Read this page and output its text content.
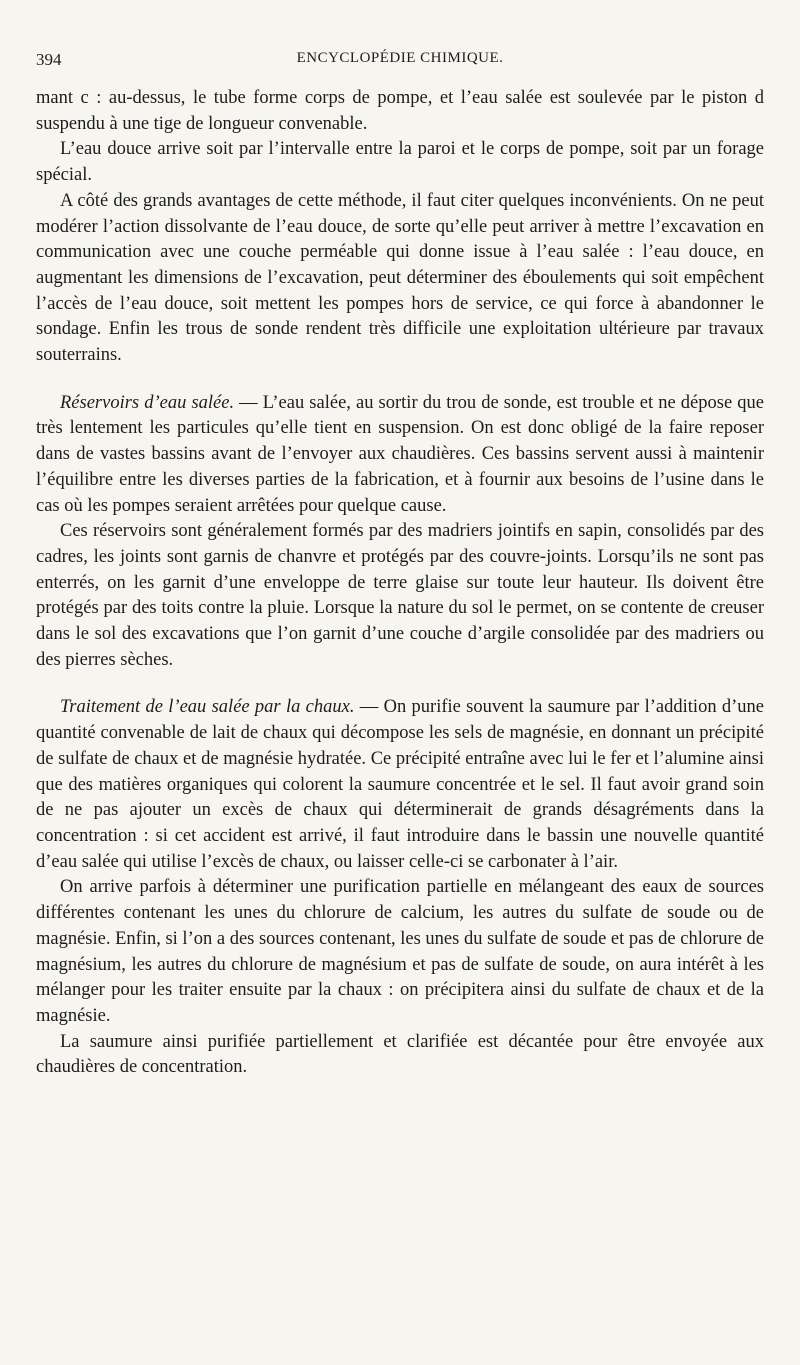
394	ENCYCLOPÉDIE CHIMIQUE.

mant c : au-dessus, le tube forme corps de pompe, et l’eau salée est soulevée par le piston d suspendu à une tige de longueur convenable.

L’eau douce arrive soit par l’intervalle entre la paroi et le corps de pompe, soit par un forage spécial.

A côté des grands avantages de cette méthode, il faut citer quelques inconvénients. On ne peut modérer l’action dissolvante de l’eau douce, de sorte qu’elle peut arriver à mettre l’excavation en communication avec une couche perméable qui donne issue à l’eau salée : l’eau douce, en augmentant les dimensions de l’excavation, peut déterminer des éboulements qui soit empêchent l’accès de l’eau douce, soit mettent les pompes hors de service, ce qui force à abandonner le sondage. Enfin les trous de sonde rendent très difficile une exploitation ultérieure par travaux souterrains.

Réservoirs d’eau salée. — L’eau salée, au sortir du trou de sonde, est trouble et ne dépose que très lentement les particules qu’elle tient en suspension. On est donc obligé de la faire reposer dans de vastes bassins avant de l’envoyer aux chaudières. Ces bassins servent aussi à maintenir l’équilibre entre les diverses parties de la fabrication, et à fournir aux besoins de l’usine dans le cas où les pompes seraient arrêtées pour quelque cause.

Ces réservoirs sont généralement formés par des madriers jointifs en sapin, consolidés par des cadres, les joints sont garnis de chanvre et protégés par des couvre-joints. Lorsqu’ils ne sont pas enterrés, on les garnit d’une enveloppe de terre glaise sur toute leur hauteur. Ils doivent être protégés par des toits contre la pluie. Lorsque la nature du sol le permet, on se contente de creuser dans le sol des excavations que l’on garnit d’une couche d’argile consolidée par des madriers ou des pierres sèches.

Traitement de l’eau salée par la chaux. — On purifie souvent la saumure par l’addition d’une quantité convenable de lait de chaux qui décompose les sels de magnésie, en donnant un précipité de sulfate de chaux et de magnésie hydratée. Ce précipité entraîne avec lui le fer et l’alumine ainsi que des matières organiques qui colorent la saumure concentrée et le sel. Il faut avoir grand soin de ne pas ajouter un excès de chaux qui déterminerait de grands désagréments dans la concentration : si cet accident est arrivé, il faut introduire dans le bassin une nouvelle quantité d’eau salée qui utilise l’excès de chaux, ou laisser celle-ci se carbonater à l’air.

On arrive parfois à déterminer une purification partielle en mélangeant des eaux de sources différentes contenant les unes du chlorure de calcium, les autres du sulfate de soude ou de magnésie. Enfin, si l’on a des sources contenant, les unes du sulfate de soude et pas de chlorure de magnésium, les autres du chlorure de magnésium et pas de sulfate de soude, on aura intérêt à les mélanger pour les traiter ensuite par la chaux : on précipitera ainsi du sulfate de chaux et de la magnésie.

La saumure ainsi purifiée partiellement et clarifiée est décantée pour être envoyée aux chaudières de concentration.
